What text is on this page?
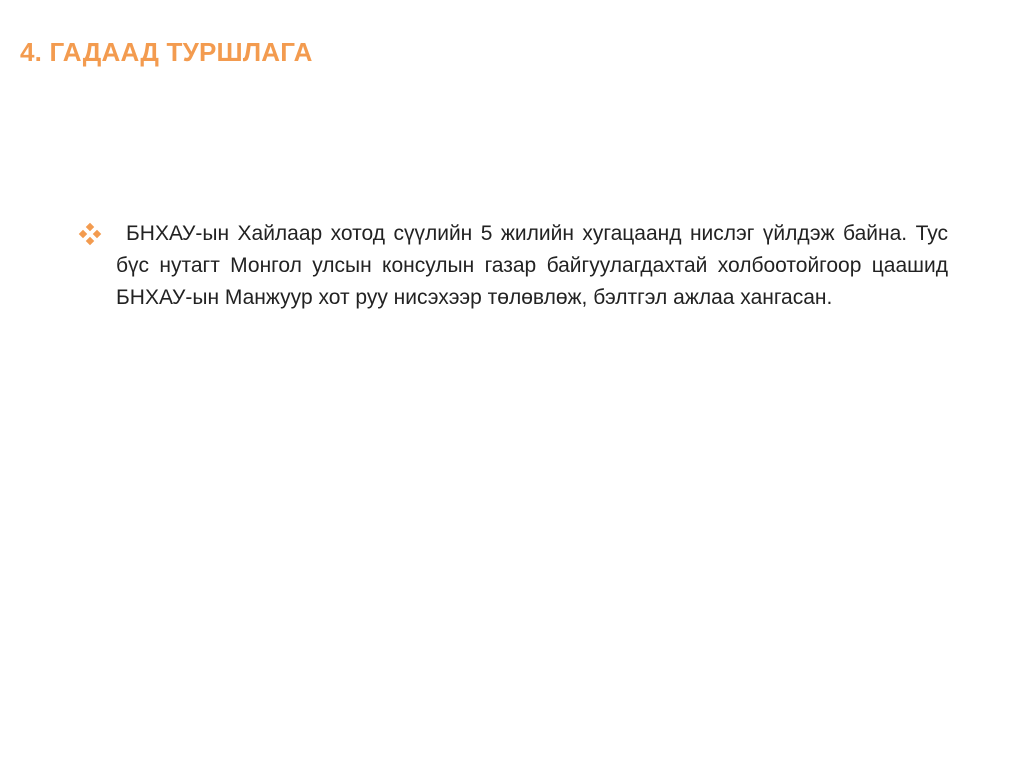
4. ГАДААД ТУРШЛАГА

БНХАУ-ын Хайлаар хотод сүүлийн 5 жилийн хугацаанд нислэг үйлдэж байна. Тус бүс нутагт Монгол улсын консулын газар байгуулагдахтай холбоотойгоор цаашид БНХАУ-ын Манжуур хот руу нисэхээр төлөвлөж, бэлтгэл ажлаа хангасан.
